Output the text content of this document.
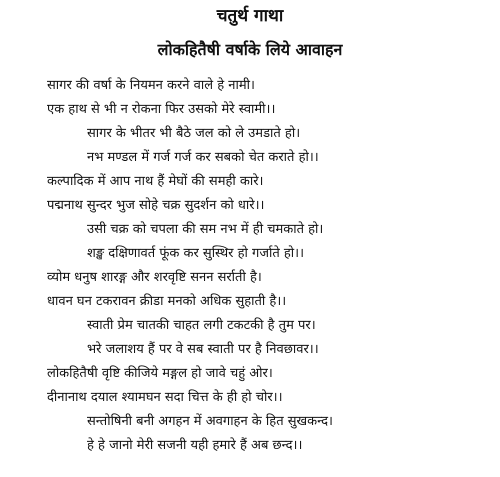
चतुर्थ गाथा
लोकहितैषी वर्षाके लिये आवाहन
सागर की वर्षा के नियमन करने वाले हे नामी।
एक हाथ से भी न रोकना फिर उसको मेरे स्वामी।।
सागर के भीतर भी बैठे जल को ले उमडाते हो।
नभ मण्डल में गर्ज गर्ज कर सबको चेत कराते हो।।
कल्पादिक में आप नाथ हैं मेघों की समही कारे।
पद्मनाथ सुन्दर भुज सोहे चक्र सुदर्शन को धारे।।
उसी चक्र को चपला की सम नभ में ही चमकाते हो।
शङ्ख दक्षिणावर्त फूंक कर सुस्थिर हो गर्जाते हो।।
व्योम धनुष शारङ्ग और शरवृष्टि सनन सर्राती है।
धावन घन टकरावन क्रीडा मनको अधिक सुहाती है।।
स्वाती प्रेम चातकी चाहत लगी टकटकी है तुम पर।
भरे जलाशय हैं पर वे सब स्वाती पर है निवछावर।।
लोकहितैषी वृष्टि कीजिये मङ्गल हो जावे चहुं ओर।
दीनानाथ दयाल श्यामघन सदा चित्त के ही हो चोर।।
सन्तोषिनी बनी अगहन में अवगाहन के हित सुखकन्द।
हे हे जानो मेरी सजनी यही हमारे हैं अब छन्द।।
